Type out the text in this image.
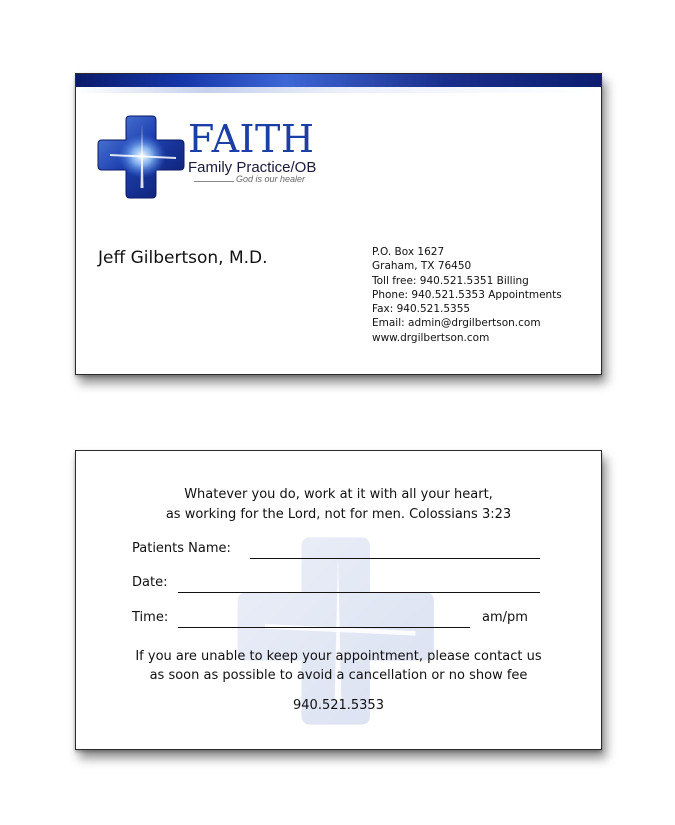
FAITH
Family Practice/OB
God is our healer
Jeff Gilbertson, M.D.	P.O. Box 1627
Graham, TX 76450
Toll free: 940.521.5351 Billing
Phone: 940.521.5353 Appointments
Fax: 940.521.5355
Email: admin@drgilbertson.com
www.drgilbertson.com
Whatever you do, work at it with all your heart,
as working for the Lord, not for men. Colossians 3:23
Patients Name:
Date:
Time:	am/pm
If you are unable to keep your appointment, please contact us
as soon as possible to avoid a cancellation or no show fee
940.521.5353
